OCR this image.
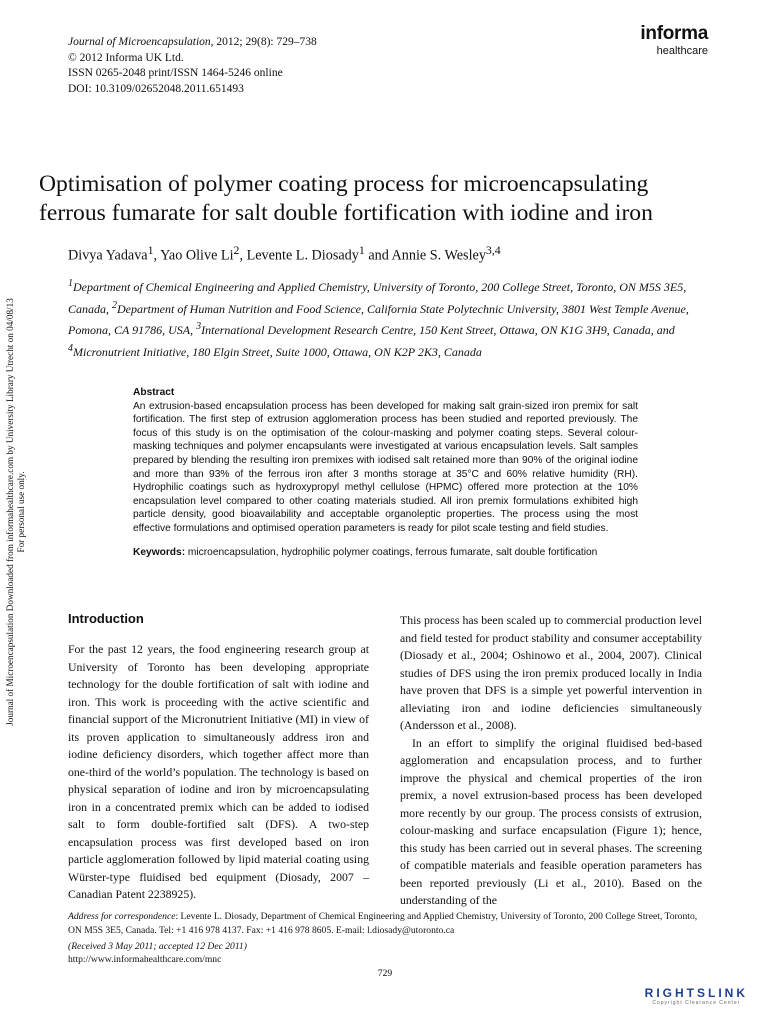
Journal of Microencapsulation, 2012; 29(8): 729–738
© 2012 Informa UK Ltd.
ISSN 0265-2048 print/ISSN 1464-5246 online
DOI: 10.3109/02652048.2011.651493
informa
healthcare
Journal of Microencapsulation Downloaded from informahealthcare.com by University Library Utrecht on 04/08/13 For personal use only.
Optimisation of polymer coating process for microencapsulating ferrous fumarate for salt double fortification with iodine and iron
Divya Yadava$^1$, Yao Olive Li$^2$, Levente L. Diosady$^1$ and Annie S. Wesley$^{3,4}$
$^1$Department of Chemical Engineering and Applied Chemistry, University of Toronto, 200 College Street, Toronto, ON M5S 3E5, Canada, $^2$Department of Human Nutrition and Food Science, California State Polytechnic University, 3801 West Temple Avenue, Pomona, CA 91786, USA, $^3$International Development Research Centre, 150 Kent Street, Ottawa, ON K1G 3H9, Canada, and $^4$Micronutrient Initiative, 180 Elgin Street, Suite 1000, Ottawa, ON K2P 2K3, Canada
Abstract

An extrusion-based encapsulation process has been developed for making salt grain-sized iron premix for salt fortification. The first step of extrusion agglomeration process has been studied and reported previously. The focus of this study is on the optimisation of the colour-masking and polymer coating steps. Several colour-masking techniques and polymer encapsulants were investigated at various encapsulation levels. Salt samples prepared by blending the resulting iron premixes with iodised salt retained more than 90% of the original iodine and more than 93% of the ferrous iron after 3 months storage at 35°C and 60% relative humidity (RH). Hydrophilic coatings such as hydroxypropyl methyl cellulose (HPMC) offered more protection at the 10% encapsulation level compared to other coating materials studied. All iron premix formulations exhibited high particle density, good bioavailability and acceptable organoleptic properties. The process using the most effective formulations and optimised operation parameters is ready for pilot scale testing and field studies.

Keywords: microencapsulation, hydrophilic polymer coatings, ferrous fumarate, salt double fortification
Introduction

For the past 12 years, the food engineering research group at University of Toronto has been developing appropriate technology for the double fortification of salt with iodine and iron. This work is proceeding with the active scientific and financial support of the Micronutrient Initiative (MI) in view of its proven application to simultaneously address iron and iodine deficiency disorders, which together affect more than one-third of the world’s population. The technology is based on physical separation of iodine and iron by microencapsulating iron in a concentrated premix which can be added to iodised salt to form double-fortified salt (DFS). A two-step encapsulation process was first developed based on iron particle agglomeration followed by lipid material coating using Würster-type fluidised bed equipment (Diosady, 2007 – Canadian Patent 2238925).

This process has been scaled up to commercial production level and field tested for product stability and consumer acceptability (Diosady et al., 2004; Oshinowo et al., 2004, 2007). Clinical studies of DFS using the iron premix produced locally in India have proven that DFS is a simple yet powerful intervention in alleviating iron and iodine deficiencies simultaneously (Andersson et al., 2008).

In an effort to simplify the original fluidised bed-based agglomeration and encapsulation process, and to further improve the physical and chemical properties of the iron premix, a novel extrusion-based process has been developed more recently by our group. The process consists of extrusion, colour-masking and surface encapsulation (Figure 1); hence, this study has been carried out in several phases. The screening of compatible materials and feasible operation parameters has been reported previously (Li et al., 2010). Based on the understanding of the

Address for correspondence: Levente L. Diosady, Department of Chemical Engineering and Applied Chemistry, University of Toronto, 200 College Street, Toronto, ON M5S 3E5, Canada. Tel: +1 416 978 4137. Fax: +1 416 978 8605. E-mail: l.diosady@utoronto.ca
(Received 3 May 2011; accepted 12 Dec 2011)
http://www.informahealthcare.com/mnc
729
RIGHTSLINK
Copyright Clearance Center
